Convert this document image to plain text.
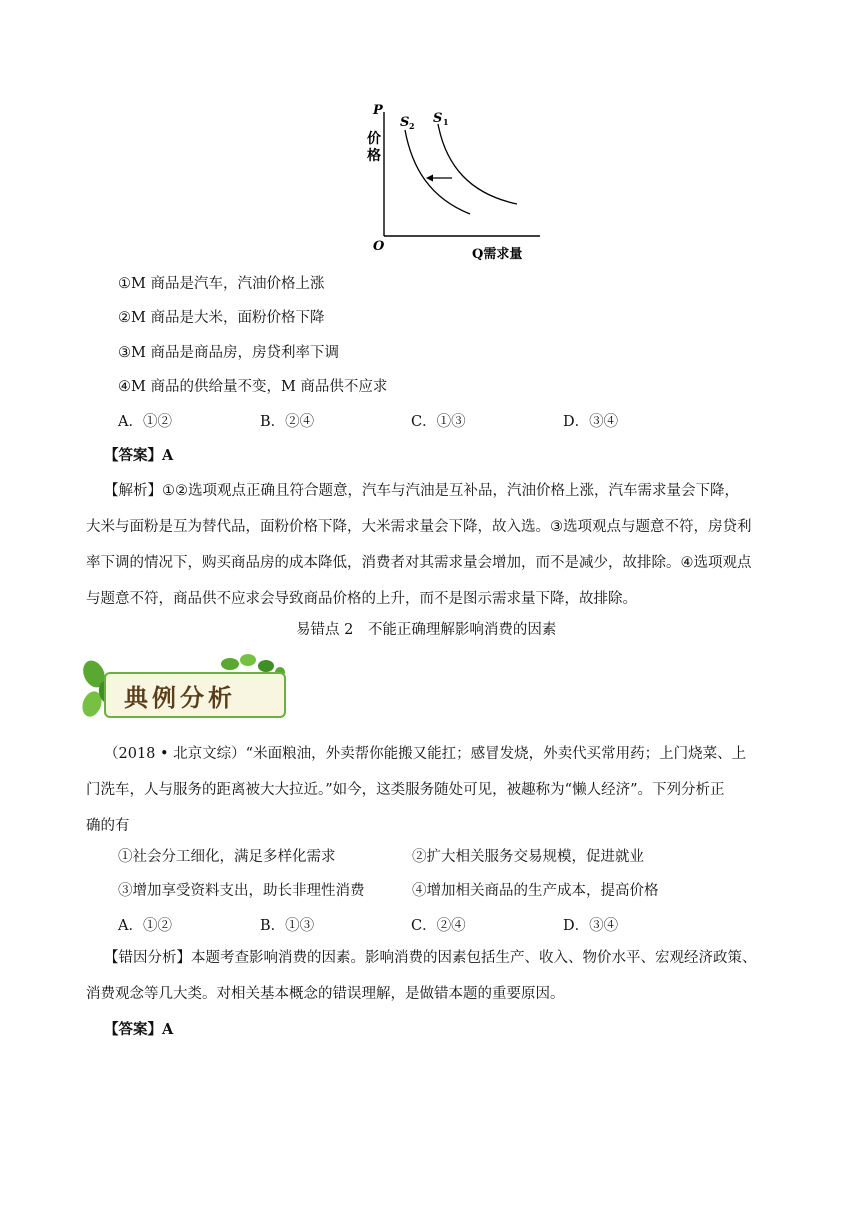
P
价
格
S 2 S 1
O
Q需求量
①M 商品是汽车，汽油价格上涨
②M 商品是大米，面粉价格下降
③M 商品是商品房，房贷利率下调
④M 商品的供给量不变，M 商品供不应求
A．①②	B．②④	C．①③	D．③④
【答案】A
【解析】①②选项观点正确且符合题意，汽车与汽油是互补品，汽油价格上涨，汽车需求量会下降，
大米与面粉是互为替代品，面粉价格下降，大米需求量会下降，故入选。③选项观点与题意不符，房贷利
率下调的情况下，购买商品房的成本降低，消费者对其需求量会增加，而不是减少，故排除。④选项观点
与题意不符，商品供不应求会导致商品价格的上升，而不是图示需求量下降，故排除。
易错点 2　不能正确理解影响消费的因素
典例分析
（2018 • 北京文综）“米面粮油，外卖帮你能搬又能扛；感冒发烧，外卖代买常用药；上门烧菜、上
门洗车，人与服务的距离被大大拉近。”如今，这类服务随处可见，被趣称为“懒人经济”。下列分析正
确的有
①社会分工细化，满足多样化需求	②扩大相关服务交易规模，促进就业
③增加享受资料支出，助长非理性消费	④增加相关商品的生产成本，提高价格
A．①②	B．①③	C．②④	D．③④
【错因分析】本题考查影响消费的因素。影响消费的因素包括生产、收入、物价水平、宏观经济政策、
消费观念等几大类。对相关基本概念的错误理解，是做错本题的重要原因。
【答案】A
